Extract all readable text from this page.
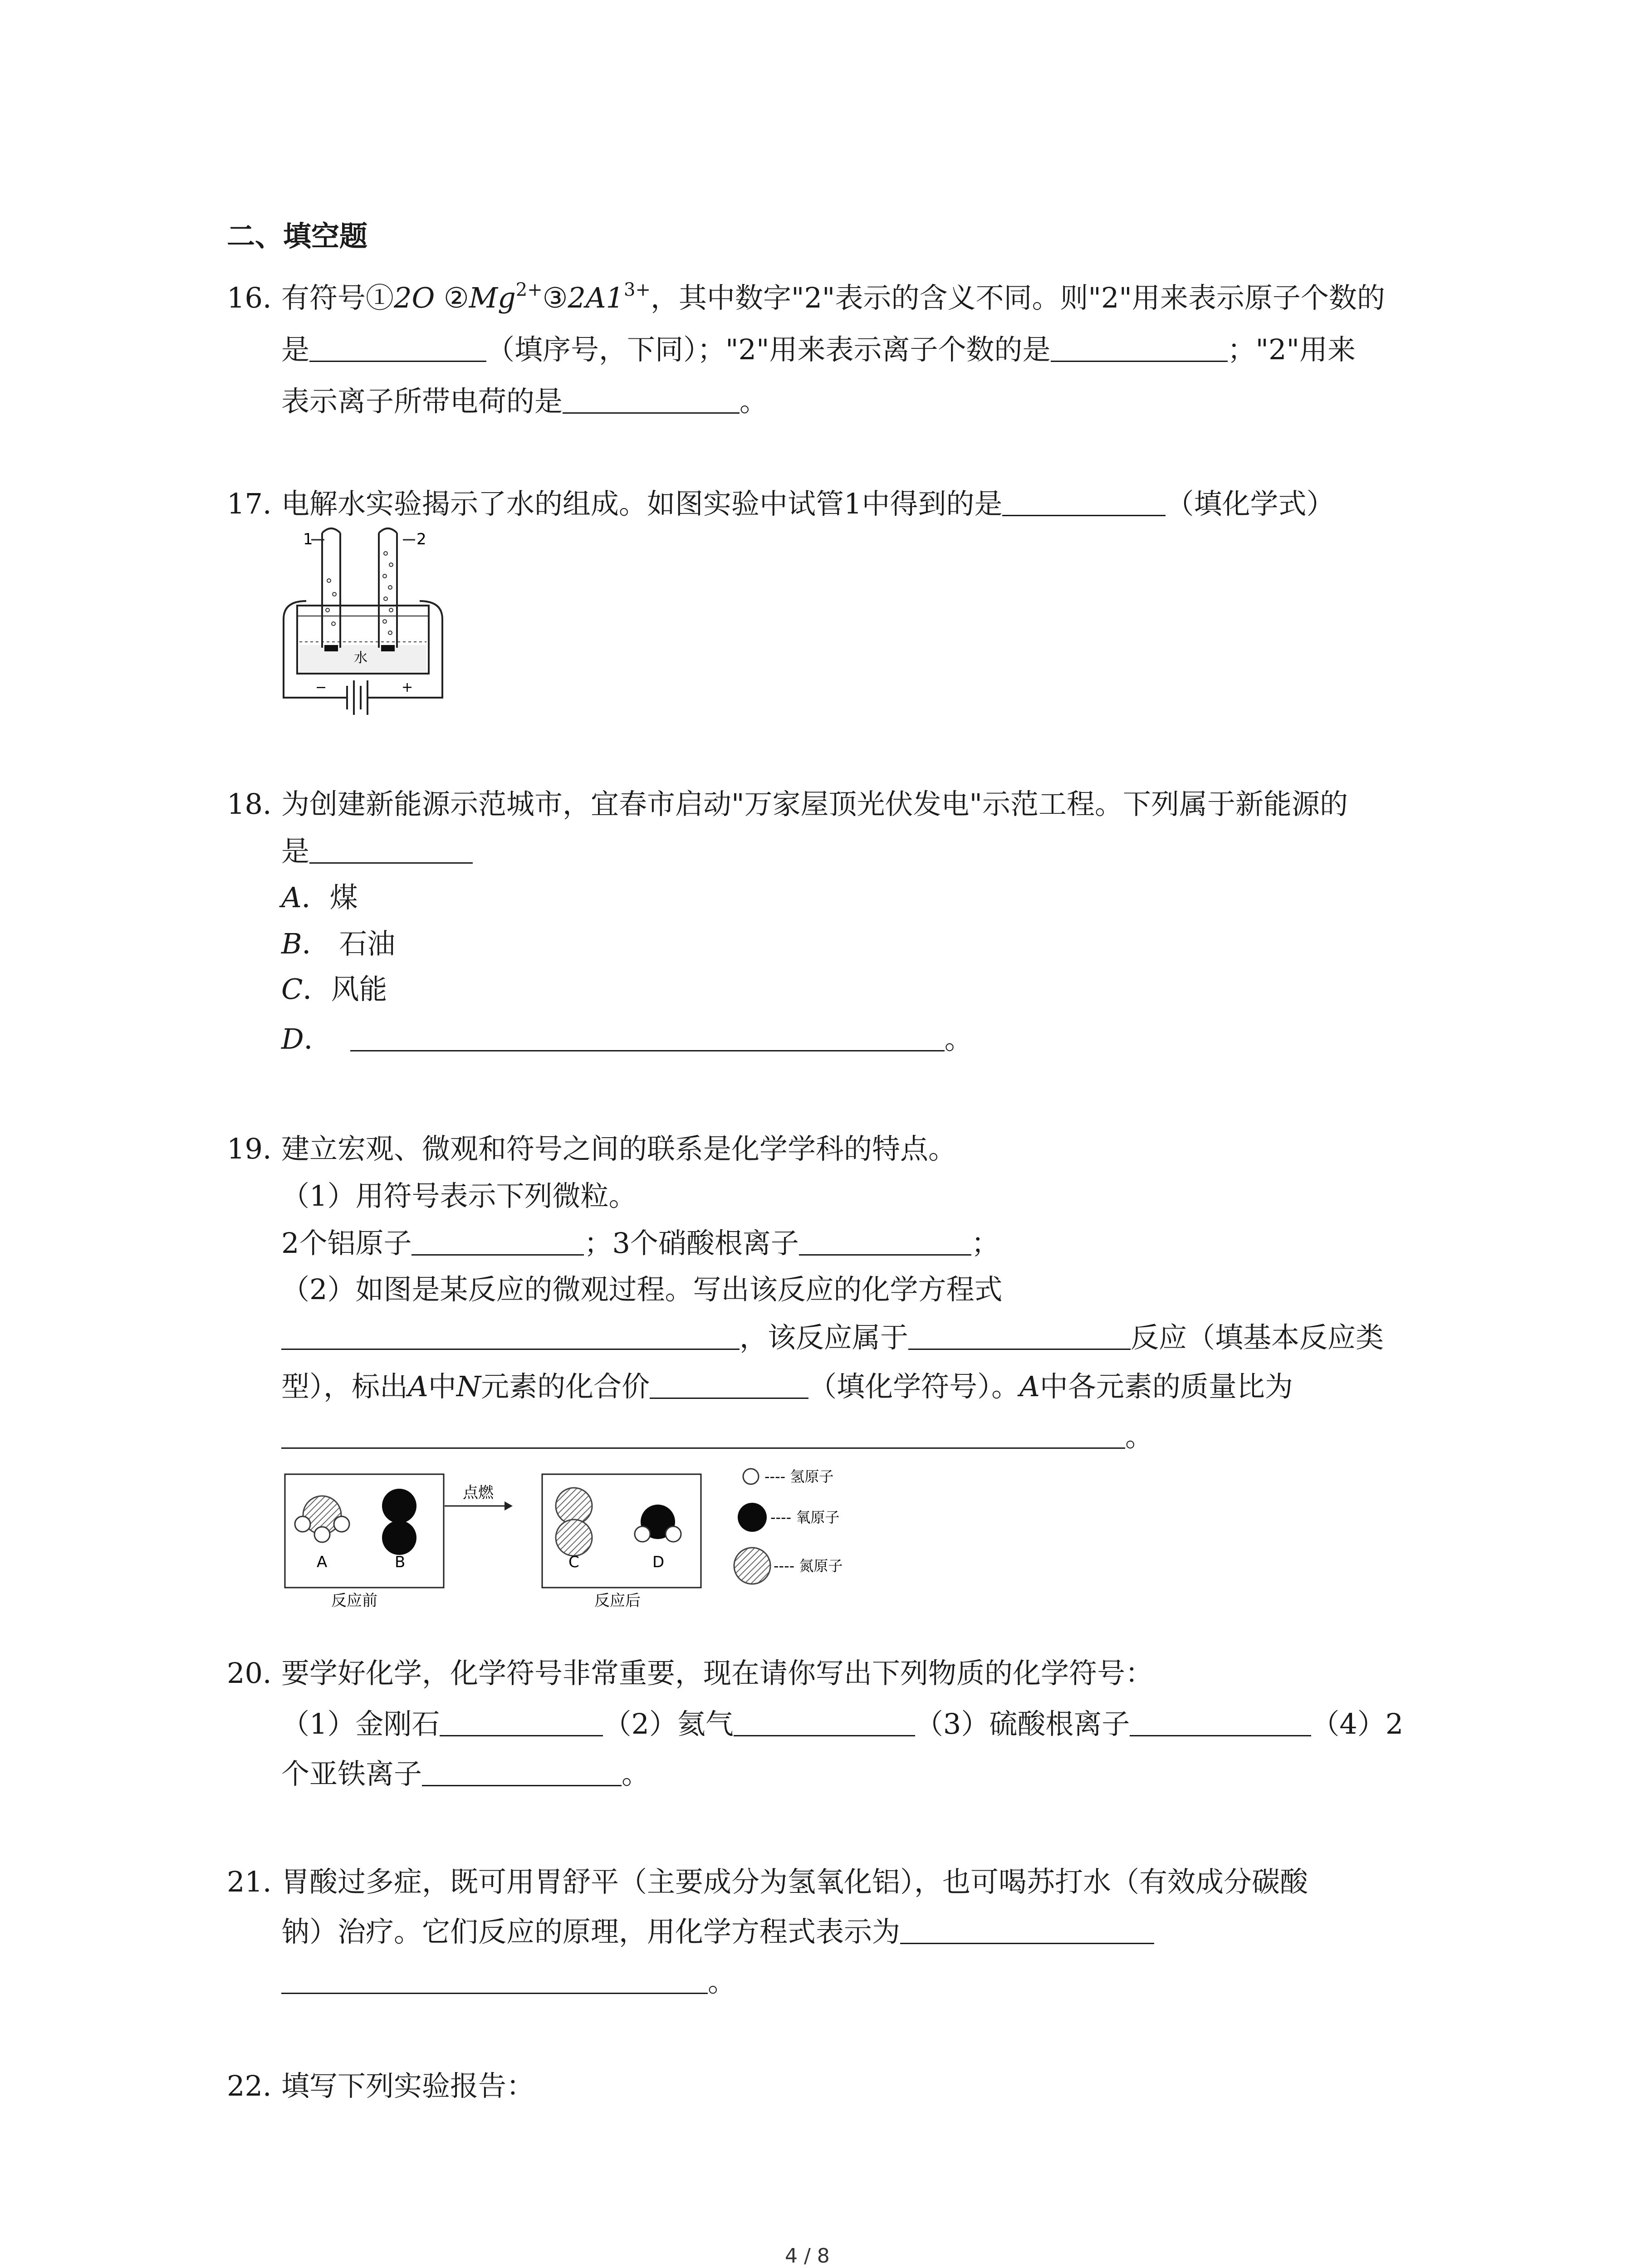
二、填空题
16. 有符号①2O $②Mg^{2+}③2A1^{3+}$，其中数字"2"表示的含义不同。则"2"用来表示原子个数的
是	（填序号，下同）；"2"用来表示离子个数的是	；"2"用来
表示离子所带电荷的是	。
17. 电解水实验揭示了水的组成。如图实验中试管1中得到的是	（填化学式）
1	2
水
−	+
18. 为创建新能源示范城市，宜春市启动"万家屋顶光伏发电"示范工程。下列属于新能源的
是
A．煤
B． 石油
C．风能
D．	。
19. 建立宏观、微观和符号之间的联系是化学学科的特点。
（1）用符号表示下列微粒。
2个铝原子	；3个硝酸根离子	；
（2）如图是某反应的微观过程。写出该反应的化学方程式
，该反应属于	反应（填基本反应类
型），标出A中N元素的化合价	（填化学符号）。A中各元素的质量比为
。
A	B
反应前
点燃
C	D
反应后
---- 氢原子
---- 氧原子
---- 氮原子
20. 要学好化学，化学符号非常重要，现在请你写出下列物质的化学符号：
（1）金刚石	（2）氦气	（3）硫酸根离子	（4）2
个亚铁离子	。
21. 胃酸过多症，既可用胃舒平（主要成分为氢氧化铝），也可喝苏打水（有效成分碳酸
钠）治疗。它们反应的原理，用化学方程式表示为
。
22. 填写下列实验报告：
4 / 8
